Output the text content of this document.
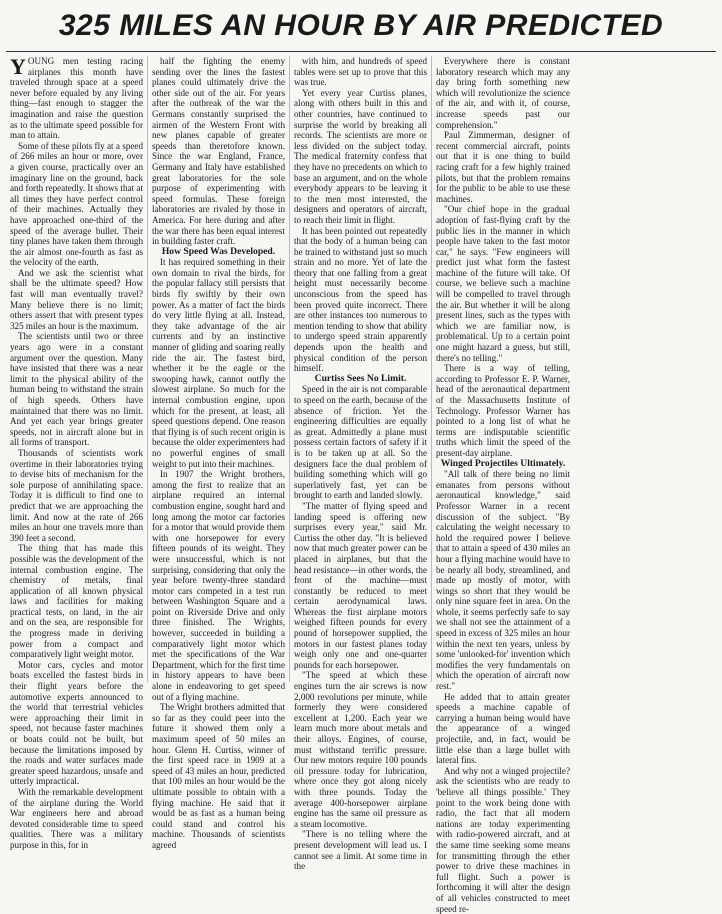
325 MILES AN HOUR BY AIR PREDICTED

YOUNG men testing racing airplanes this month have traveled through space at a speed never before equaled by any living thing—fast enough to stagger the imagination and raise the question as to the ultimate speed possible for man to attain.

Some of these pilots fly at a speed of 266 miles an hour or more, over a given course, practically over an imaginary line on the ground, back and forth repeatedly. It shows that at all times they have perfect control of their machines. Actually they have approached one-third of the speed of the average bullet. Their tiny planes have taken them through the air almost one-fourth as fast as the velocity of the earth.

And we ask the scientist what shall be the ultimate speed? How fast will man eventually travel? Many believe there is no limit; others assert that with present types 325 miles an hour is the maximum.

The scientists until two or three years ago were in a constant argument over the question. Many have insisted that there was a near limit to the physical ability of the human being to withstand the strain of high speeds. Others have maintained that there was no limit. And yet each year brings greater speeds, not in aircraft alone but in all forms of transport.

Thousands of scientists work overtime in their laboratories trying to devise bits of mechanism for the sole purpose of annihilating space. Today it is difficult to find one to predict that we are approaching the limit. And now at the rate of 266 miles an hour one travels more than 390 feet a second.

The thing that has made this possible was the development of the internal combustion engine. The chemistry of metals, final application of all known physical laws and facilities for making practical tests, on land, in the air and on the sea, are responsible for the progress made in deriving power from a compact and comparatively light weight motor.

Motor cars, cycles and motor boats excelled the fastest birds in their flight years before the automotive experts announced to the world that terrestrial vehicles were approaching their limit in speed, not because faster machines or boats could not be built, but because the limitations imposed by the roads and water surfaces made greater speed hazardous, unsafe and utterly impractical.

With the remarkable development of the airplane during the World War engineers here and abroad devoted considerable time to speed qualities. There was a military purpose in this, for in

half the fighting the enemy sending over the lines the fastest planes could ultimately drive the other side out of the air. For years after the outbreak of the war the Germans constantly surprised the airmen of the Western Front with new planes capable of greater speeds than theretofore known. Since the war England, France, Germany and Italy have established great laboratories for the sole purpose of experimenting with speed formulas. These foreign laboratories are rivaled by those in America. For here during and after the war there has been equal interest in building faster craft.

How Speed Was Developed.

It has required something in their own domain to rival the birds, for the popular fallacy still persists that birds fly swiftly by their own power. As a matter of fact the birds do very little flying at all. Instead, they take advantage of the air currents and by an instinctive manner of gliding and soaring really ride the air. The fastest bird, whether it be the eagle or the swooping hawk, cannot outfly the slowest airplane. So much for the internal combustion engine, upon which for the present, at least, all speed questions depend. One reason that flying is of such recent origin is because the older experimenters had no powerful engines of small weight to put into their machines.

In 1907 the Wright brothers, among the first to realize that an airplane required an internal combustion engine, sought hard and long among the motor car factories for a motor that would provide them with one horsepower for every fifteen pounds of its weight. They were unsuccessful, which is not surprising, considering that only the year before twenty-three standard motor cars competed in a test run between Washington Square and a point on Riverside Drive and only three finished. The Wrights, however, succeeded in building a comparatively light motor which met the specifications of the War Department, which for the first time in history appears to have been alone in endeavoring to get speed out of a flying machine.

The Wright brothers admitted that so far as they could peer into the future it showed them only a maximum speed of 50 miles an hour. Glenn H. Curtiss, winner of the first speed race in 1909 at a speed of 43 miles an hour, predicted that 100 miles an hour would be the ultimate possible to obtain with a flying machine. He said that it would be as fast as a human being could stand and control his machine. Thousands of scientists agreed

with him, and hundreds of speed tables were set up to prove that this was true.

Yet every year Curtiss planes, along with others built in this and other countries, have continued to surprise the world by breaking all records. The scientists are more or less divided on the subject today. The medical fraternity confess that they have no precedents on which to base an argument, and on the whole everybody appears to be leaving it to the men most interested, the designers and operators of aircraft, to reach their limit in flight.

It has been pointed out repeatedly that the body of a human being can be trained to withstand just so much strain and no more. Yet of late the theory that one falling from a great height must necessarily become unconscious from the speed has been proved quite incorrect. There are other instances too numerous to mention tending to show that ability to undergo speed strain apparently depends upon the health and physical condition of the person himself.

Curtiss Sees No Limit.

Speed in the air is not comparable to speed on the earth, because of the absence of friction. Yet the engineering difficulties are equally as great. Admittedly a plane must possess certain factors of safety if it is to be taken up at all. So the designers face the dual problem of building something which will go superlatively fast, yet can be brought to earth and landed slowly.

"The matter of flying speed and landing speed is offering new surprises every year," said Mr. Curtiss the other day. "It is believed now that much greater power can be placed in airplanes, but that the head resistance—in other words, the front of the machine—must constantly be reduced to meet certain aerodynamical laws. Whereas the first airplane motors weighed fifteen pounds for every pound of horsepower supplied, the motors in our fastest planes today weigh only one and one-quarter pounds for each horsepower.

"The speed at which these engines turn the air screws is now 2,000 revolutions per minute, while formerly they were considered excellent at 1,200. Each year we learn much more about metals and their alloys. Engines, of course, must withstand terrific pressure. Our new motors require 100 pounds oil pressure today for lubrication, where once they got along nicely with three pounds. Today the average 400-horsepower airplane engine has the same oil pressure as a steam locomotive.

"There is no telling where the present development will lead us. I cannot see a limit. At some time in the

Everywhere there is constant laboratory research which may any day bring forth something new which will revolutionize the science of the air, and with it, of course, increase speeds past our comprehension."

Paul Zimmerman, designer of recent commercial aircraft, points out that it is one thing to build racing craft for a few highly trained pilots, but that the problem remains for the public to be able to use these machines.

"Our chief hope in the gradual adoption of fast-flying craft by the public lies in the manner in which people have taken to the fast motor car," he says. "Few engineers will predict just what form the fastest machine of the future will take. Of course, we believe such a machine will be compelled to travel through the air. But whether it will be along present lines, such as the types with which we are familiar now, is problematical. Up to a certain point one might hazard a guess, but still, there's no telling."

There is a way of telling, according to Professor E. P. Warner, head of the aeronautical department of the Massachusetts Institute of Technology. Professor Warner has pointed to a long list of what he terms are indisputable scientific truths which limit the speed of the present-day airplane.

Winged Projectiles Ultimately.

"All talk of there being no limit emanates from persons without aeronautical knowledge," said Professor Warner in a recent discussion of the subject. "By calculating the weight necessary to hold the required power I believe that to attain a speed of 430 miles an hour a flying machine would have to be nearly all body, streamlined, and made up mostly of motor, with wings so short that they would be only nine square feet in area. On the whole, it seems perfectly safe to say we shall not see the attainment of a speed in excess of 325 miles an hour within the next ten years, unless by some 'unlooked-for' invention which modifies the very fundamentals on which the operation of aircraft now rest."

He added that to attain greater speeds a machine capable of carrying a human being would have the appearance of a winged projectile, and, in fact, would be little else than a large bullet with lateral fins.

And why not a winged projectile? ask the scientists who are ready to 'believe all things possible.' They point to the work being done with radio, the fact that all modern nations are today experimenting with radio-powered aircraft, and at the same time seeking some means for transmitting through the ether power to drive these machines in full flight. Such a power is forthcoming it will alter the design of all vehicles constructed to meet speed re-
